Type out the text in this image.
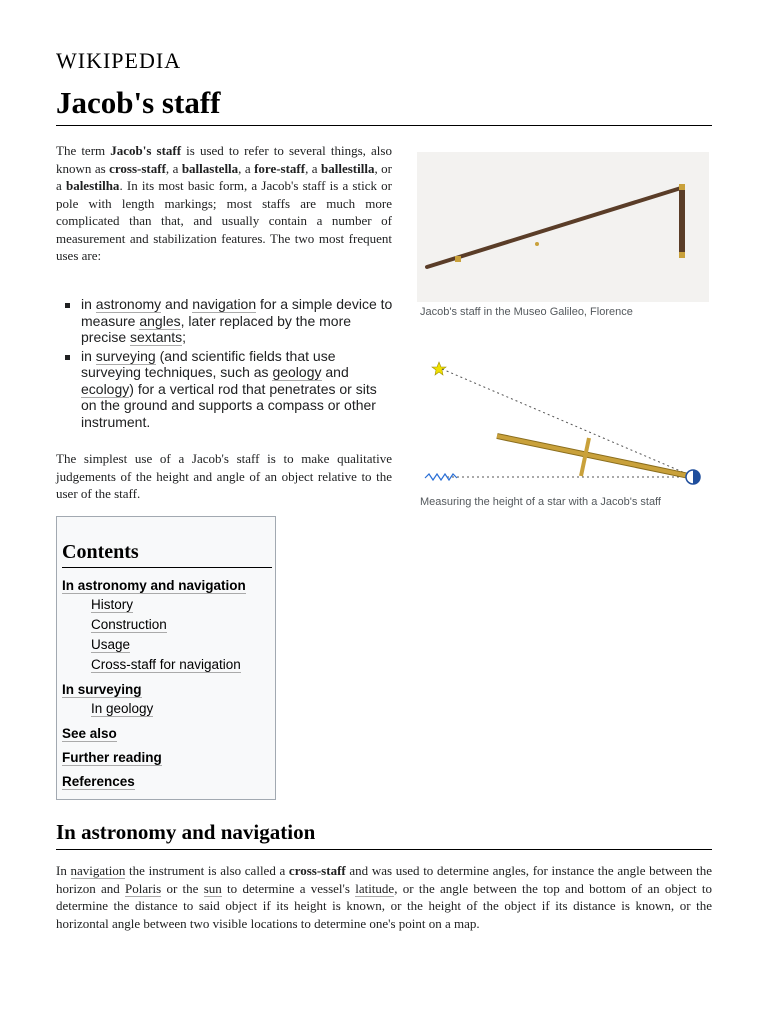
WIKIPEDIA
Jacob's staff

The term Jacob's staff is used to refer to several things, also known as cross-staff, a ballastella, a fore-staff, a ballestilla, or a balestilha. In its most basic form, a Jacob's staff is a stick or pole with length markings; most staffs are much more complicated than that, and usually contain a number of measurement and stabilization features. The two most frequent uses are:

in astronomy and navigation for a simple device to measure angles, later replaced by the more precise sextants;
in surveying (and scientific fields that use surveying techniques, such as geology and ecology) for a vertical rod that penetrates or sits on the ground and supports a compass or other instrument.

The simplest use of a Jacob's staff is to make qualitative judgements of the height and angle of an object relative to the user of the staff.

Jacob's staff in the Museo Galileo, Florence
Measuring the height of a star with a Jacob's staff
Contents
In astronomy and navigation
History
Construction
Usage
Cross-staff for navigation
In surveying
In geology
See also
Further reading
References
In astronomy and navigation

In navigation the instrument is also called a cross-staff and was used to determine angles, for instance the angle between the horizon and Polaris or the sun to determine a vessel's latitude, or the angle between the top and bottom of an object to determine the distance to said object if its height is known, or the height of the object if its distance is known, or the horizontal angle between two visible locations to determine one's point on a map.
